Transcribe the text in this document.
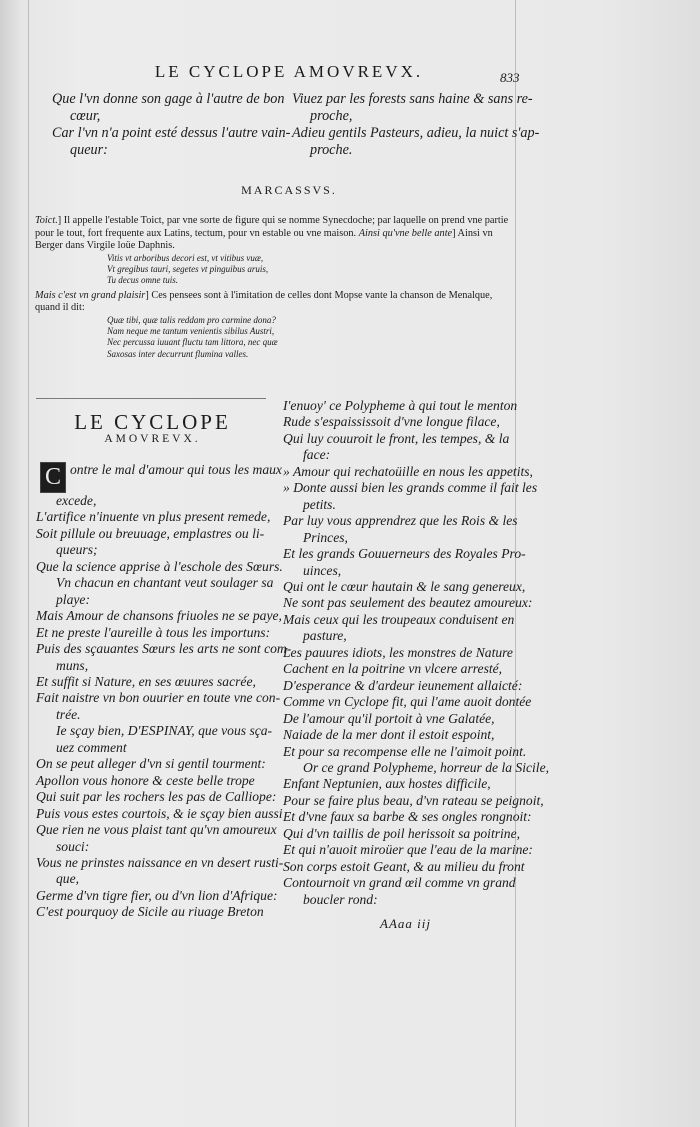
LE CYCLOPE AMOVREVX.	833
Que l'vn donne son gage à l'autre de bon Viuez par les forests sans haine & sans re-
cœur,	proche,
Car l'vn n'a point esté dessus l'autre vain- Adieu gentils Pasteurs, adieu, la nuict s'ap-
queur:	proche.
MARCASSVS.

Toict.] Il appelle l'estable Toict, par vne sorte de figure qui se nomme Synecdoche; par laquelle on prend vne partie pour le tout, fort frequente aux Latins, tectum, pour vn estable ou vne maison. Ainsi qu'vne belle ante] Ainsi vn Berger dans Virgile loüe Daphnis.

Vitis vt arboribus decori est, vt vitibus vuæ,
Vt gregibus tauri, segetes vt pinguibus aruis,
Tu decus omne tuis.

Mais c'est vn grand plaisir] Ces pensees sont à l'imitation de celles dont Mopse vante la chanson de Menalque, quand il dit:

Quæ tibi, quæ talis reddam pro carmine dona?
Nam neque me tantum venientis sibilus Austri,
Nec percussa iuuant fluctu tam littora, nec quæ
Saxosas inter decurrunt flumina valles.
LE CYCLOPE
AMOVREVX.
C ontre le mal d'amour qui tous les maux
excede,
L'artifice n'inuente vn plus present remede,
Soit pillule ou breuuage, emplastres ou li-
queurs;
Que la science apprise à l'eschole des Sœurs.
Vn chacun en chantant veut soulager sa
playe:
Mais Amour de chansons friuoles ne se paye,
Et ne preste l'aureille à tous les importuns:
Puis des sçauantes Sœurs les arts ne sont com-
muns,
Et suffit si Nature, en ses œuures sacrée,
Fait naistre vn bon ouurier en toute vne con-
trée.
Ie sçay bien, D'ESPINAY, que vous sça-
uez comment
On se peut alleger d'vn si gentil tourment:
Apollon vous honore & ceste belle trope
Qui suit par les rochers les pas de Calliope:
Puis vous estes courtois, & ie sçay bien aussi
Que rien ne vous plaist tant qu'vn amoureux
souci:
Vous ne prinstes naissance en vn desert rusti-
que,
Germe d'vn tigre fier, ou d'vn lion d'Afrique:
C'est pourquoy de Sicile au riuage Breton
I'enuoy' ce Polypheme à qui tout le menton
Rude s'espaississoit d'vne longue filace,
Qui luy couuroit le front, les tempes, & la
face:
» Amour qui rechatoüille en nous les appetits,
» Donte aussi bien les grands comme il fait les
petits.
Par luy vous apprendrez que les Rois & les
Princes,
Et les grands Gouuerneurs des Royales Pro-
uinces,
Qui ont le cœur hautain & le sang genereux,
Ne sont pas seulement des beautez amoureux:
Mais ceux qui les troupeaux conduisent en
pasture,
Les pauures idiots, les monstres de Nature
Cachent en la poitrine vn vlcere arresté,
D'esperance & d'ardeur ieunement allaicté:
Comme vn Cyclope fit, qui l'ame auoit dontée
De l'amour qu'il portoit à vne Galatée,
Naiade de la mer dont il estoit espoint,
Et pour sa recompense elle ne l'aimoit point.
Or ce grand Polypheme, horreur de la Sicile,
Enfant Neptunien, aux hostes difficile,
Pour se faire plus beau, d'vn rateau se peignoit,
Et d'vne faux sa barbe & ses ongles rongnoit:
Qui d'vn taillis de poil herissoit sa poitrine,
Et qui n'auoit miroüer que l'eau de la marine:
Son corps estoit Geant, & au milieu du front
Contournoit vn grand œil comme vn grand
boucler rond:
AAaa iij
